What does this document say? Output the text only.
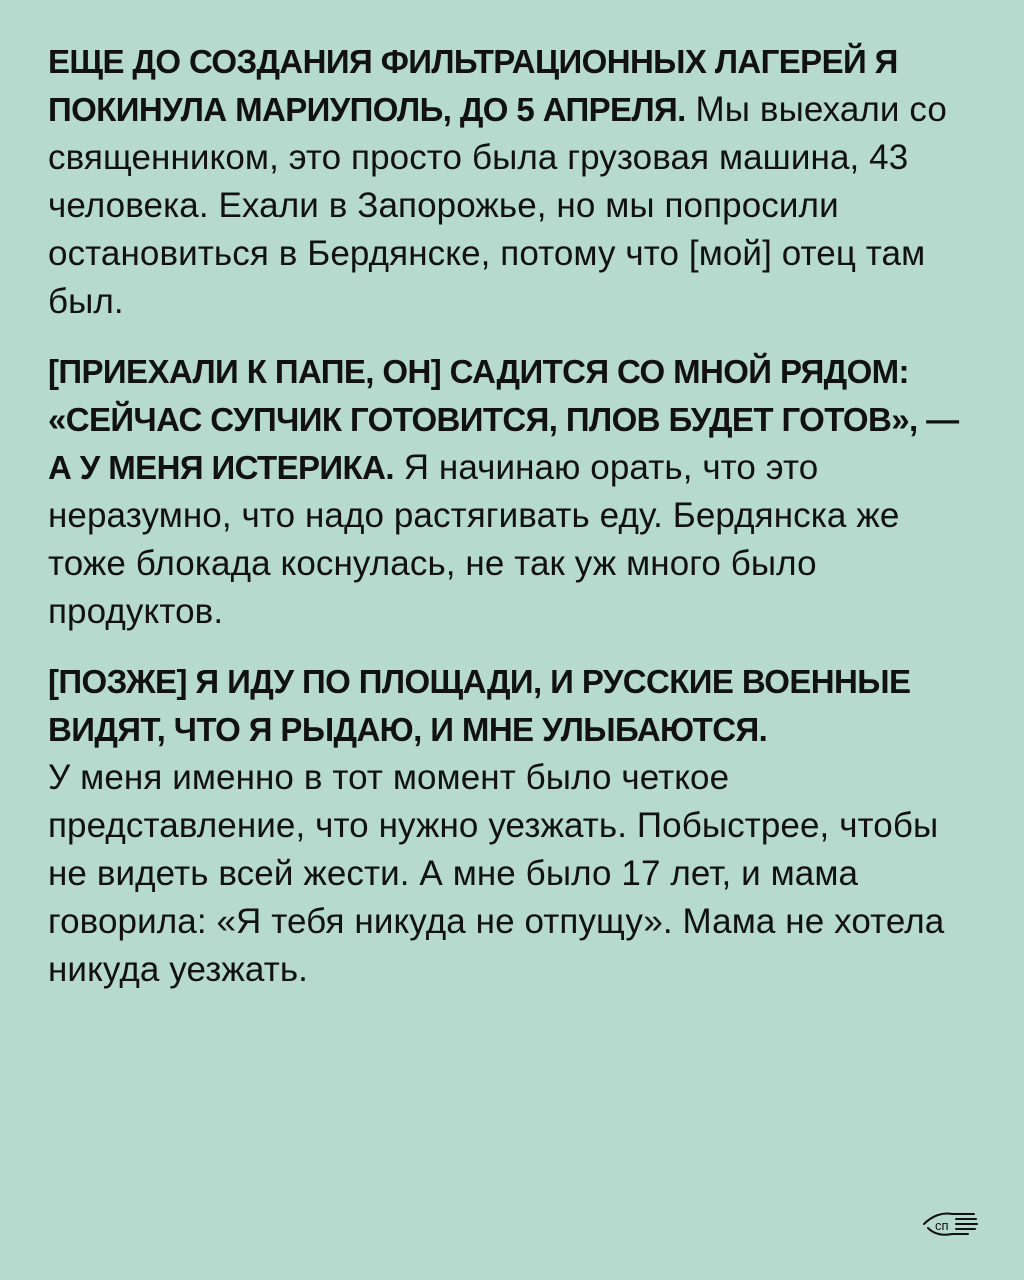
ЕЩЕ ДО СОЗДАНИЯ ФИЛЬТРАЦИОННЫХ ЛАГЕРЕЙ Я ПОКИНУЛА МАРИУПОЛЬ, ДО 5 АПРЕЛЯ. Мы выехали со священником, это просто была грузовая машина, 43 человека. Ехали в Запорожье, но мы попросили остановиться в Бердянске, потому что [мой] отец там был.

[ПРИЕХАЛИ К ПАПЕ, ОН] САДИТСЯ СО МНОЙ РЯДОМ: «СЕЙЧАС СУПЧИК ГОТОВИТСЯ, ПЛОВ БУДЕТ ГОТОВ», — А У МЕНЯ ИСТЕРИКА. Я начинаю орать, что это неразумно, что надо растягивать еду. Бердянска же тоже блокада коснулась, не так уж много было продуктов.

[ПОЗЖЕ] Я ИДУ ПО ПЛОЩАДИ, И РУССКИЕ ВОЕННЫЕ ВИДЯТ, ЧТО Я РЫДАЮ, И МНЕ УЛЫБАЮТСЯ.
У меня именно в тот момент было четкое представление, что нужно уезжать. Побыстрее, чтобы не видеть всей жести. А мне было 17 лет, и мама говорила: «Я тебя никуда не отпущу». Мама не хотела никуда уезжать.

сп
